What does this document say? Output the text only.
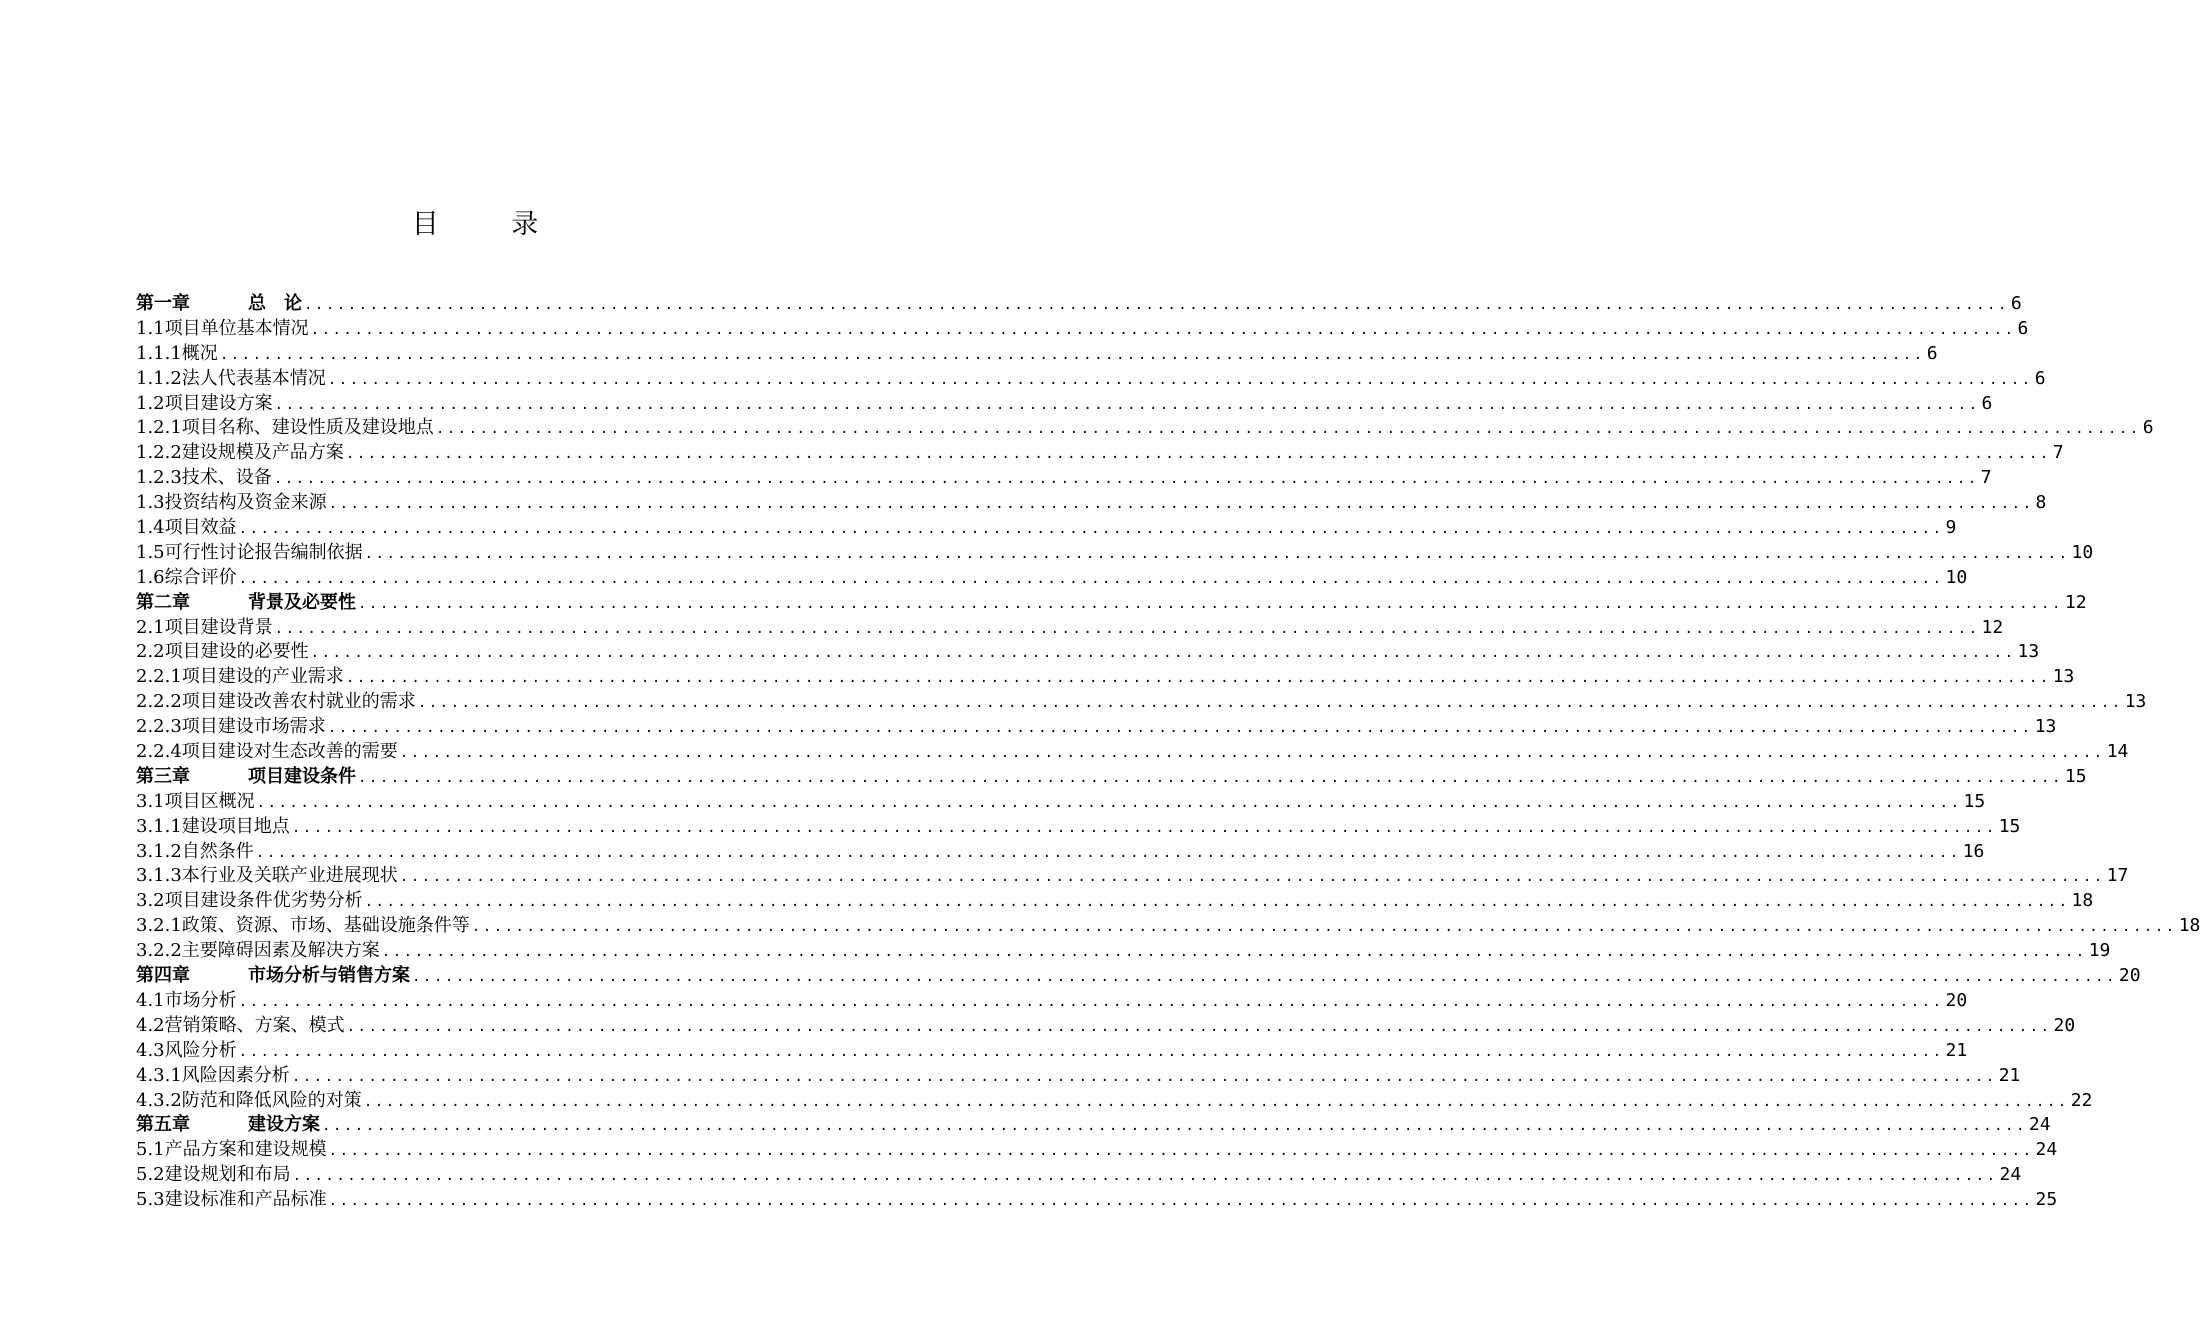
目 录
第一章	总　论 ............................................................................................................................................................ 6
1.1项目单位基本情况 ............................................................................................................................................................ 6
1.1.1概况 ............................................................................................................................................................ 6
1.1.2法人代表基本情况 ............................................................................................................................................................ 6
1.2项目建设方案 ............................................................................................................................................................ 6
1.2.1项目名称、建设性质及建设地点 ............................................................................................................................................................ 6
1.2.2建设规模及产品方案 ............................................................................................................................................................ 7
1.2.3技术、设备 ............................................................................................................................................................ 7
1.3投资结构及资金来源 ............................................................................................................................................................ 8
1.4项目效益 ............................................................................................................................................................ 9
1.5可行性讨论报告编制依据 ............................................................................................................................................................ 10
1.6综合评价 ............................................................................................................................................................ 10
第二章	背景及必要性 ............................................................................................................................................................ 12
2.1项目建设背景 ............................................................................................................................................................ 12
2.2项目建设的必要性 ............................................................................................................................................................ 13
2.2.1项目建设的产业需求 ............................................................................................................................................................ 13
2.2.2项目建设改善农村就业的需求 ............................................................................................................................................................ 13
2.2.3项目建设市场需求 ............................................................................................................................................................ 13
2.2.4项目建设对生态改善的需要 ............................................................................................................................................................ 14
第三章	项目建设条件 ............................................................................................................................................................ 15
3.1项目区概况 ............................................................................................................................................................ 15
3.1.1建设项目地点 ............................................................................................................................................................ 15
3.1.2自然条件 ............................................................................................................................................................ 16
3.1.3本行业及关联产业进展现状 ............................................................................................................................................................ 17
3.2项目建设条件优劣势分析 ............................................................................................................................................................ 18
3.2.1政策、资源、市场、基础设施条件等 ............................................................................................................................................................ 18
3.2.2主要障碍因素及解决方案 ............................................................................................................................................................ 19
第四章	市场分析与销售方案 ............................................................................................................................................................ 20
4.1市场分析 ............................................................................................................................................................ 20
4.2营销策略、方案、模式 ............................................................................................................................................................ 20
4.3风险分析 ............................................................................................................................................................ 21
4.3.1风险因素分析 ............................................................................................................................................................ 21
4.3.2防范和降低风险的对策 ............................................................................................................................................................ 22
第五章	建设方案 ............................................................................................................................................................ 24
5.1产品方案和建设规模 ............................................................................................................................................................ 24
5.2建设规划和布局 ............................................................................................................................................................ 24
5.3建设标准和产品标准 ............................................................................................................................................................ 25
